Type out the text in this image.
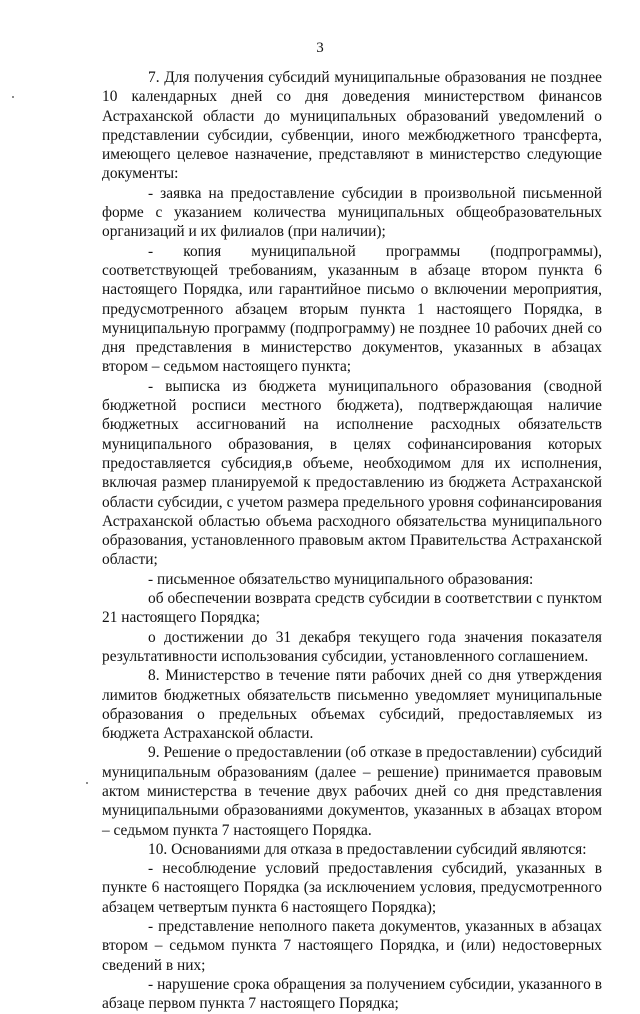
3

7. Для получения субсидий муниципальные образования не позднее 10 календарных дней со дня доведения министерством финансов Астраханской области до муниципальных образований уведомлений о представлении субсидии, субвенции, иного межбюджетного трансферта, имеющего целевое назначение, представляют в министерство следующие документы:

- заявка на предоставление субсидии в произвольной письменной форме с указанием количества муниципальных общеобразовательных организаций и их филиалов (при наличии);

- копия муниципальной программы (подпрограммы), соответствующей требованиям, указанным в абзаце втором пункта 6 настоящего Порядка, или гарантийное письмо о включении мероприятия, предусмотренного абзацем вторым пункта 1 настоящего Порядка, в муниципальную программу (подпрограмму) не позднее 10 рабочих дней со дня представления в министерство документов, указанных в абзацах втором – седьмом настоящего пункта;

- выписка из бюджета муниципального образования (сводной бюджетной росписи местного бюджета), подтверждающая наличие бюджетных ассигнований на исполнение расходных обязательств муниципального образования, в целях софинансирования которых предоставляется субсидия,в объеме, необходимом для их исполнения, включая размер планируемой к предоставлению из бюджета Астраханской области субсидии, с учетом размера предельного уровня софинансирования Астраханской областью объема расходного обязательства муниципального образования, установленного правовым актом Правительства Астраханской области;

- письменное обязательство муниципального образования:

об обеспечении возврата средств субсидии в соответствии с пунктом 21 настоящего Порядка;

о достижении до 31 декабря текущего года значения показателя результативности использования субсидии, установленного соглашением.

8. Министерство в течение пяти рабочих дней со дня утверждения лимитов бюджетных обязательств письменно уведомляет муниципальные образования о предельных объемах субсидий, предоставляемых из бюджета Астраханской области.

9. Решение о предоставлении (об отказе в предоставлении) субсидий муниципальным образованиям (далее – решение) принимается правовым актом министерства в течение двух рабочих дней со дня представления муниципальными образованиями документов, указанных в абзацах втором – седьмом пункта 7 настоящего Порядка.

10. Основаниями для отказа в предоставлении субсидий являются:

- несоблюдение условий предоставления субсидий, указанных в пункте 6 настоящего Порядка (за исключением условия, предусмотренного абзацем четвертым пункта 6 настоящего Порядка);

- представление неполного пакета документов, указанных в абзацах втором – седьмом пункта 7 настоящего Порядка, и (или) недостоверных сведений в них;

- нарушение срока обращения за получением субсидии, указанного в абзаце первом пункта 7 настоящего Порядка;
